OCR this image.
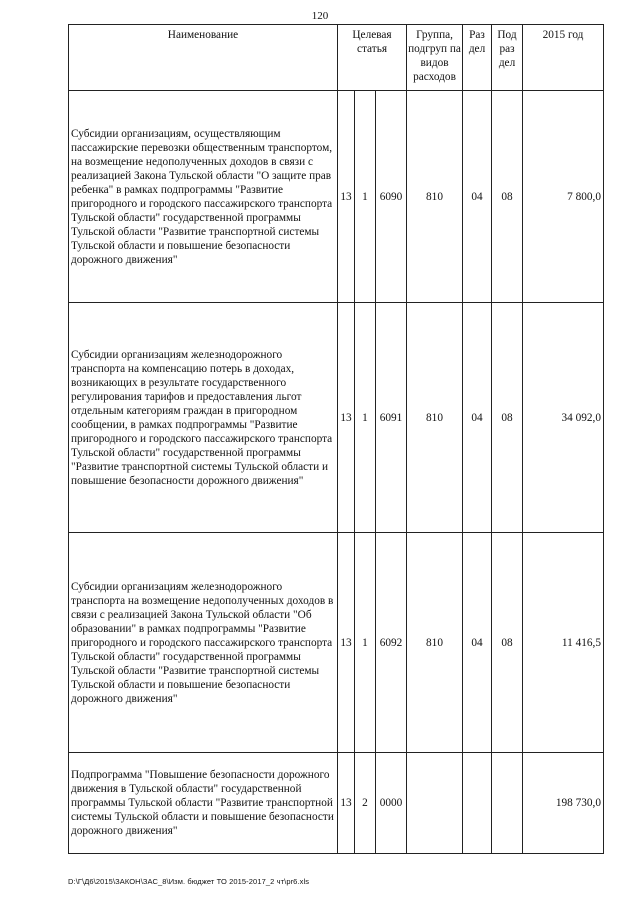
120
Наименование	Целевая статья			Группа, подгруп па видов расходов	Раз дел	Под раз дел	2015 год
Субсидии организациям, осуществляющим пассажирские перевозки общественным транспортом, на возмещение недополученных доходов в связи с реализацией Закона Тульской области "О защите прав ребенка" в рамках подпрограммы "Развитие пригородного и городского пассажирского транспорта Тульской области" государственной программы Тульской области "Развитие транспортной системы Тульской области и повышение безопасности дорожного движения"	13	1	6090	810	04	08	7 800,0
Субсидии организациям железнодорожного транспорта на компенсацию потерь в доходах, возникающих в результате государственного регулирования тарифов и предоставления льгот отдельным категориям граждан в пригородном сообщении, в рамках подпрограммы "Развитие пригородного и городского пассажирского транспорта Тульской области" государственной программы "Развитие транспортной системы Тульской области и повышение безопасности дорожного движения"	13	1	6091	810	04	08	34 092,0
Субсидии организациям железнодорожного транспорта на возмещение недополученных доходов в связи с реализацией Закона Тульской области "Об образовании" в рамках подпрограммы "Развитие пригородного и городского пассажирского транспорта Тульской области" государственной программы Тульской области "Развитие транспортной системы Тульской области и повышение безопасности дорожного движения"	13	1	6092	810	04	08	11 416,5
Подпрограмма "Повышение безопасности дорожного движения в Тульской области" государственной программы Тульской области "Развитие транспортной системы Тульской области и повышение безопасности дорожного движения"	13	2	0000				198 730,0
D:\Г\Д6\2015\ЗАКОН\ЗАС_8\Изм. бюджет ТО 2015-2017_2 чт\pr6.xls
